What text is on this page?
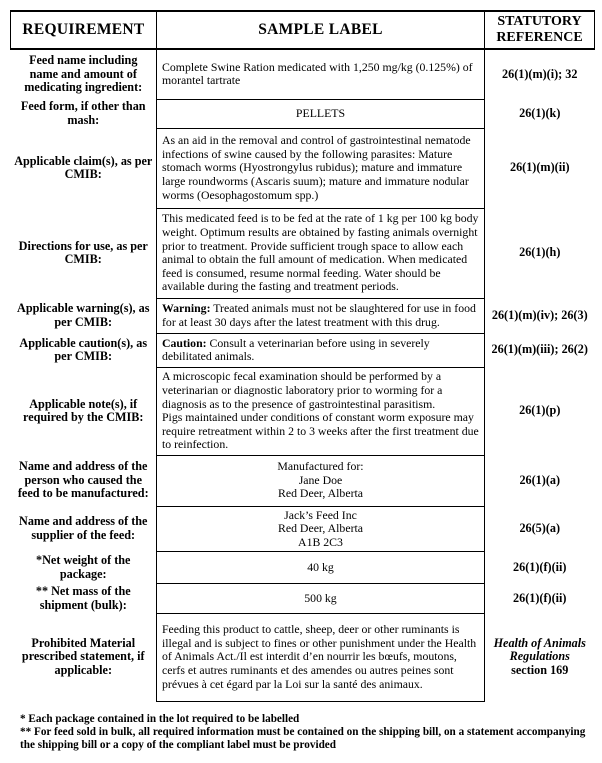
REQUIREMENT	SAMPLE LABEL	STATUTORY REFERENCE
Feed name including name and amount of medicating ingredient:	Complete Swine Ration medicated with 1,250 mg/kg (0.125%) of morantel tartrate	26(1)(m)(i); 32
Feed form, if other than mash:	PELLETS	26(1)(k)
Applicable claim(s), as per CMIB:	As an aid in the removal and control of gastrointestinal nematode infections of swine caused by the following parasites: Mature stomach worms (Hyostrongylus rubidus); mature and immature large roundworms (Ascaris suum); mature and immature nodular worms (Oesophagostomum spp.)	26(1)(m)(ii)
Directions for use, as per CMIB:	This medicated feed is to be fed at the rate of 1 kg per 100 kg body weight. Optimum results are obtained by fasting animals overnight prior to treatment. Provide sufficient trough space to allow each animal to obtain the full amount of medication. When medicated feed is consumed, resume normal feeding. Water should be available during the fasting and treatment periods.	26(1)(h)
Applicable warning(s), as per CMIB:	Warning: Treated animals must not be slaughtered for use in food for at least 30 days after the latest treatment with this drug.	26(1)(m)(iv); 26(3)
Applicable caution(s), as per CMIB:	Caution: Consult a veterinarian before using in severely debilitated animals.	26(1)(m)(iii); 26(2)
Applicable note(s), if required by the CMIB:	A microscopic fecal examination should be performed by a veterinarian or diagnostic laboratory prior to worming for a diagnosis as to the presence of gastrointestinal parasitism.
Pigs maintained under conditions of constant worm exposure may require retreatment within 2 to 3 weeks after the first treatment due to reinfection.	26(1)(p)
Name and address of the person who caused the feed to be manufactured:	Manufactured for:
Jane Doe
Red Deer, Alberta	26(1)(a)
Name and address of the supplier of the feed:	Jack’s Feed Inc
Red Deer, Alberta
A1B 2C3	26(5)(a)
*Net weight of the package:	40 kg	26(1)(f)(ii)
** Net mass of the shipment (bulk):	500 kg	26(1)(f)(ii)
Prohibited Material prescribed statement, if applicable:	Feeding this product to cattle, sheep, deer or other ruminants is illegal and is subject to fines or other punishment under the Health of Animals Act./Il est interdit d’en nourrir les bœufs, moutons, cerfs et autres ruminants et des amendes ou autres peines sont prévues à cet égard par la Loi sur la santé des animaux.	Health of Animals Regulations
section 169
* Each package contained in the lot required to be labelled
** For feed sold in bulk, all required information must be contained on the shipping bill, on a statement accompanying the shipping bill or a copy of the compliant label must be provided
